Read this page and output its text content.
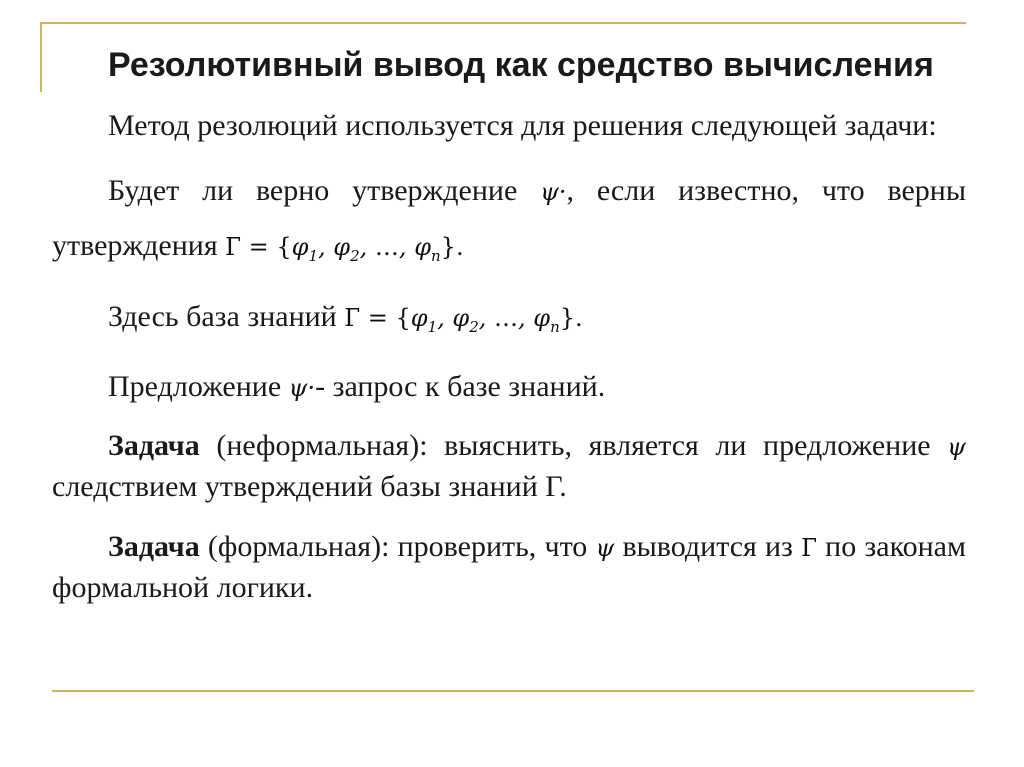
Резолютивный вывод как средство вычисления

Метод резолюций используется для решения следующей задачи:

Будет ли верно утверждение ψ·, если известно, что верны утверждения $Г = \{\varphi_1$, $\varphi_2$, …, $\varphi_n$}.

Здесь база знаний $Г = \{\varphi_1$, $\varphi_2$, …, $\varphi_n$}.

Предложение ψ·- запрос к базе знаний.

Задача (неформальная): выяснить, является ли предложение ψ следствием утверждений базы знаний Г.

Задача (формальная): проверить, что ψ выводится из Г по законам формальной логики.
